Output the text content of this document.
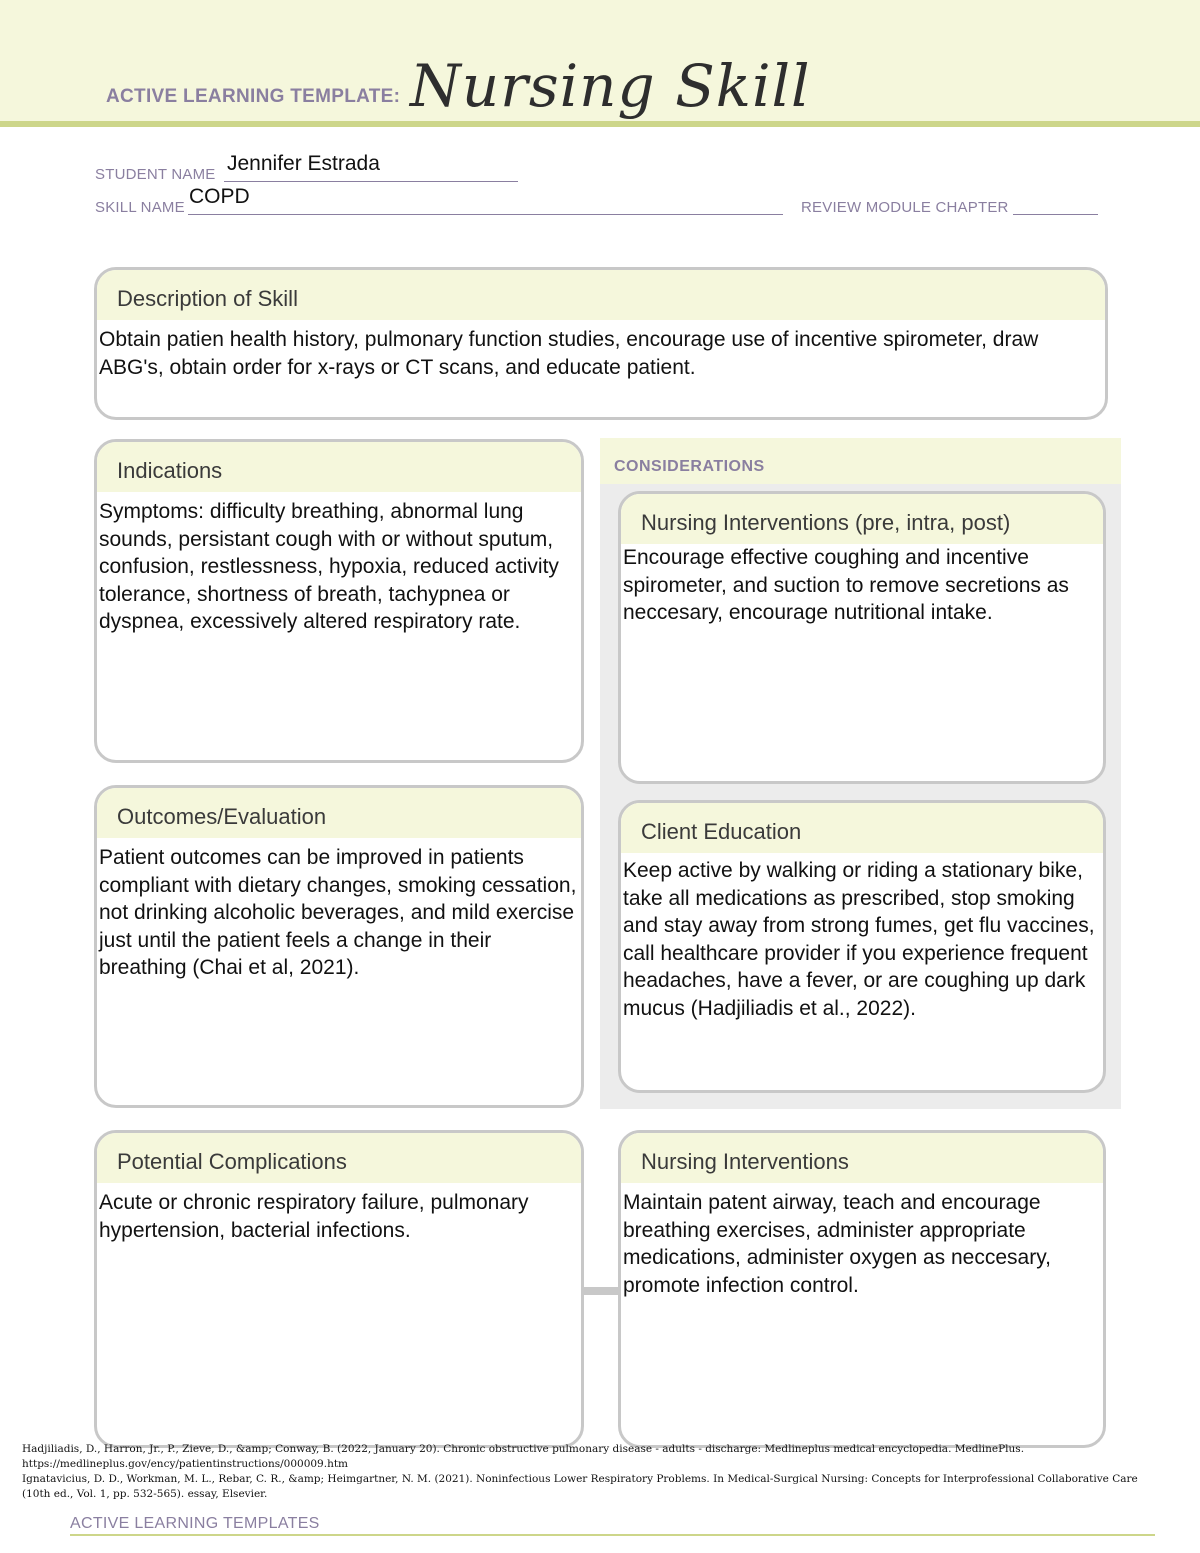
ACTIVE LEARNING TEMPLATE: Nursing Skill
STUDENT NAME Jennifer Estrada
SKILL NAME COPD	REVIEW MODULE CHAPTER
Description of Skill
Obtain patien health history, pulmonary function studies, encourage use of incentive spirometer, draw ABG's, obtain order for x-rays or CT scans, and educate patient.
Indications
Symptoms: difficulty breathing, abnormal lung sounds, persistant cough with or without sputum, confusion, restlessness, hypoxia, reduced activity tolerance, shortness of breath, tachypnea or dyspnea, excessively altered respiratory rate.
CONSIDERATIONS
Nursing Interventions (pre, intra, post)
Encourage effective coughing and incentive spirometer, and suction to remove secretions as neccesary, encourage nutritional intake.
Outcomes/Evaluation
Patient outcomes can be improved in patients compliant with dietary changes, smoking cessation, not drinking alcoholic beverages, and mild exercise just until the patient feels a change in their breathing (Chai et al, 2021).
Client Education
Keep active by walking or riding a stationary bike, take all medications as prescribed, stop smoking and stay away from strong fumes, get flu vaccines, call healthcare provider if you experience frequent headaches, have a fever, or are coughing up dark mucus (Hadjiliadis et al., 2022).
Potential Complications
Acute or chronic respiratory failure, pulmonary hypertension, bacterial infections.
Nursing Interventions
Maintain patent airway, teach and encourage breathing exercises, administer appropriate medications, administer oxygen as neccesary, promote infection control.

Hadjiliadis, D., Harron, Jr., P., Zieve, D., &amp; Conway, B. (2022, January 20). Chronic obstructive pulmonary disease - adults - discharge: Medlineplus medical encyclopedia. MedlinePlus. https://medlineplus.gov/ency/patientinstructions/000009.htm

Ignatavicius, D. D., Workman, M. L., Rebar, C. R., &amp; Heimgartner, N. M. (2021). Noninfectious Lower Respiratory Problems. In Medical-Surgical Nursing: Concepts for Interprofessional Collaborative Care (10th ed., Vol. 1, pp. 532-565). essay, Elsevier.

ACTIVE LEARNING TEMPLATES
